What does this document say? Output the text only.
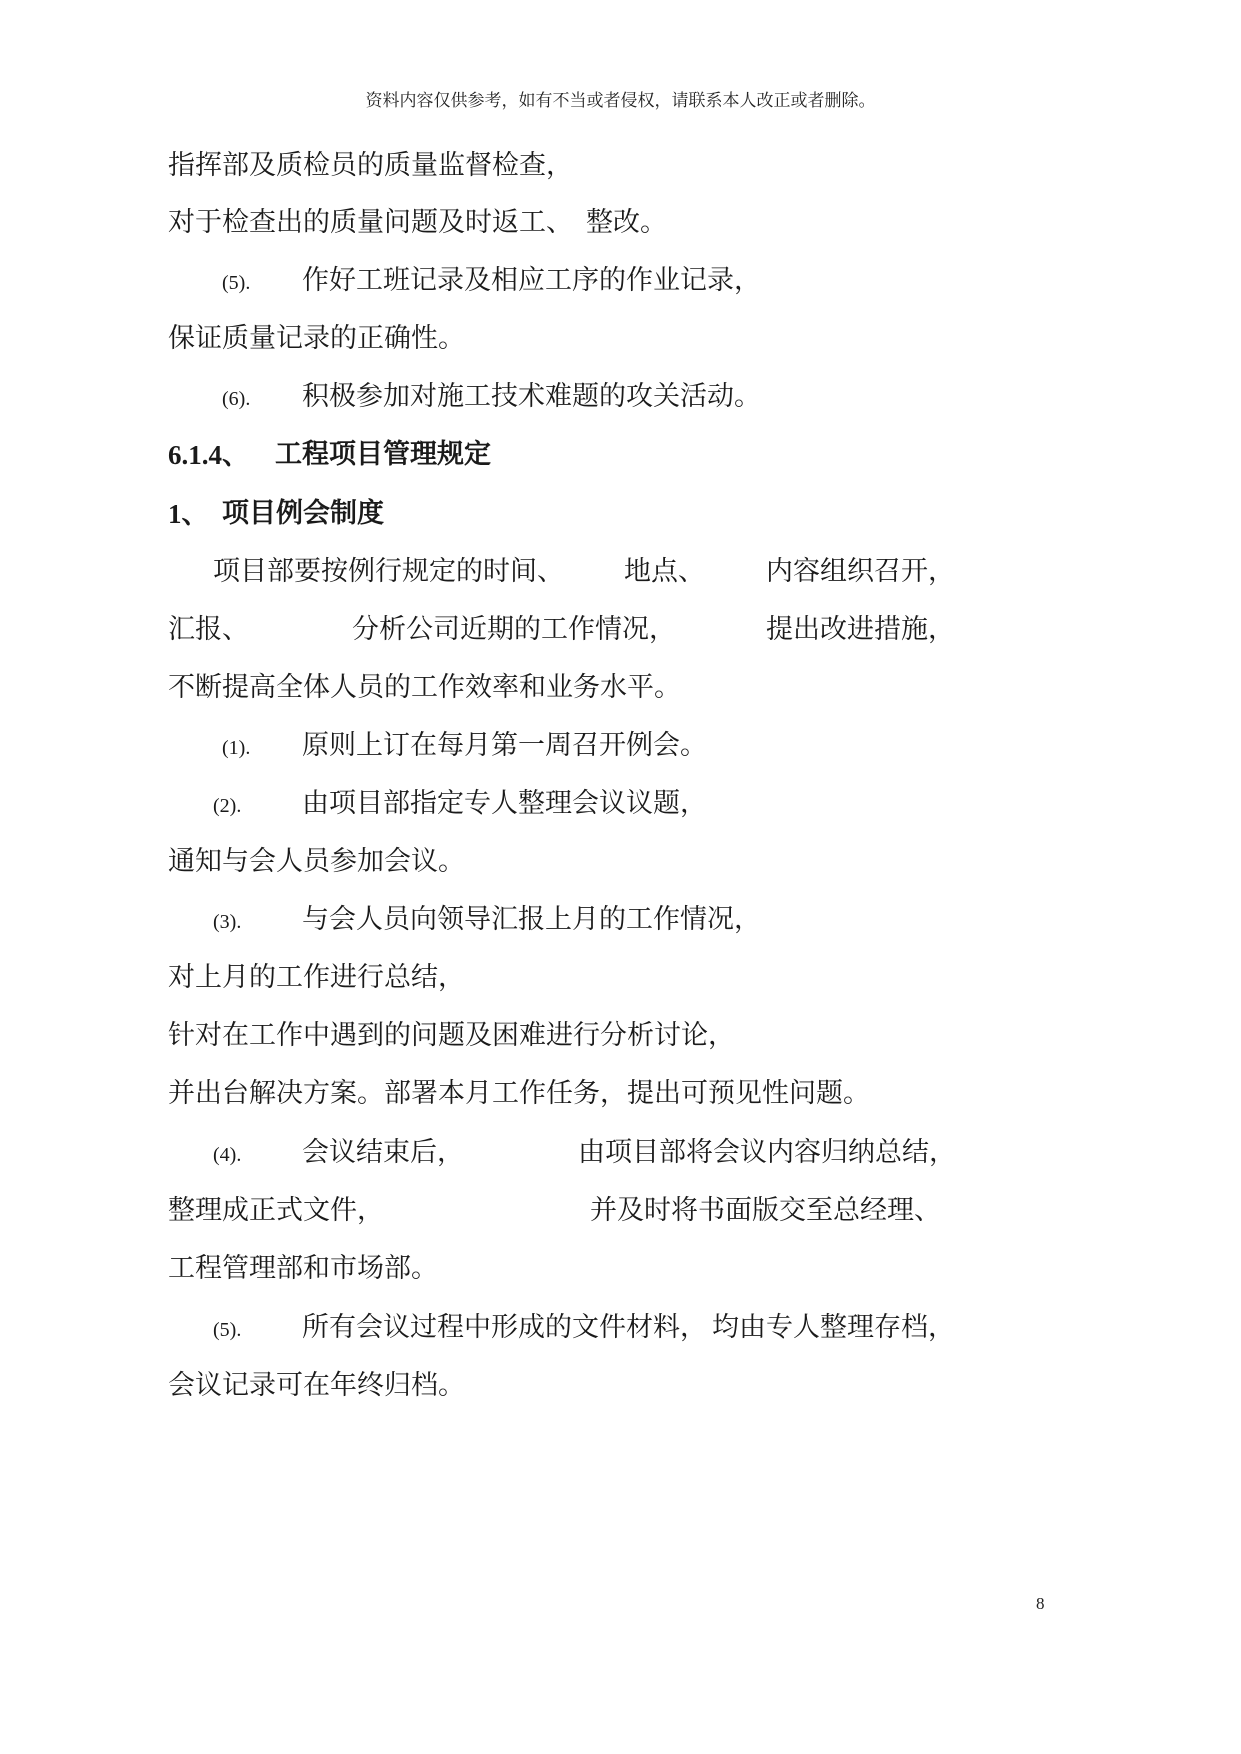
资料内容仅供参考，如有不当或者侵权，请联系本人改正或者删除。
指挥部及质检员的质量监督检查，
对于检查出的质量问题及时返工、 整改。
(5). 作好工班记录及相应工序的作业记录，
保证质量记录的正确性。
(6). 积极参加对施工技术难题的攻关活动。
6.1.4、 工程项目管理规定
1、 项目例会制度
项目部要按例行规定的时间、 地点、 内容组织召开，
汇报、	分析公司近期的工作情况，	提出改进措施，
不断提高全体人员的工作效率和业务水平。
(1). 原则上订在每月第一周召开例会。
(2). 由项目部指定专人整理会议议题，
通知与会人员参加会议。
(3). 与会人员向领导汇报上月的工作情况，
对上月的工作进行总结，
针对在工作中遇到的问题及困难进行分析讨论，
并出台解决方案。部署本月工作任务，提出可预见性问题。
(4). 会议结束后，	由项目部将会议内容归纳总结，
整理成正式文件，	并及时将书面版交至总经理、
工程管理部和市场部。
(5). 所有会议过程中形成的文件材料， 均由专人整理存档，
会议记录可在年终归档。
8
